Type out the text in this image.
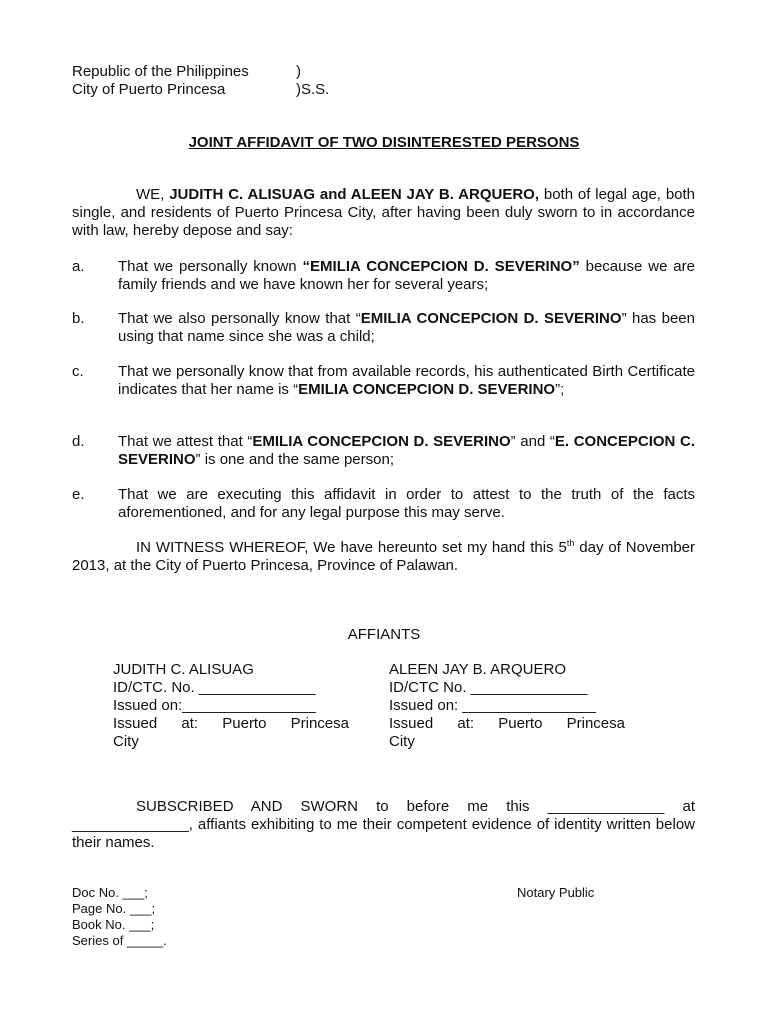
Republic of the Philippines	)
City of Puerto Princesa	)S.S.
JOINT AFFIDAVIT OF TWO DISINTERESTED PERSONS
WE, JUDITH C. ALISUAG and ALEEN JAY B. ARQUERO, both of legal age, both single, and residents of Puerto Princesa City, after having been duly sworn to in accordance with law, hereby depose and say:
a. That we personally known “EMILIA CONCEPCION D. SEVERINO” because we are family friends and we have known her for several years;
b. That we also personally know that “EMILIA CONCEPCION D. SEVERINO” has been using that name since she was a child;
c. That we personally know that from available records, his authenticated Birth Certificate indicates that her name is “EMILIA CONCEPCION D. SEVERINO”;
d. That we attest that “EMILIA CONCEPCION D. SEVERINO” and “E. CONCEPCION C. SEVERINO” is one and the same person;
e. That we are executing this affidavit in order to attest to the truth of the facts aforementioned, and for any legal purpose this may serve.
IN WITNESS WHEREOF, We have hereunto set my hand this 5th day of November 2013, at the City of Puerto Princesa, Province of Palawan.
AFFIANTS
JUDITH C. ALISUAG
ID/CTC. No. ______________
Issued on:________________
Issued at: Puerto Princesa
City
ALEEN JAY B. ARQUERO
ID/CTC No. ______________
Issued on: ________________
Issued at: Puerto Princesa
City
SUBSCRIBED AND SWORN to before me this ______________ at ______________, affiants exhibiting to me their competent evidence of identity written below their names.
Doc No. ___;
Page No. ___;
Book No. ___;
Series of _____.
Notary Public
